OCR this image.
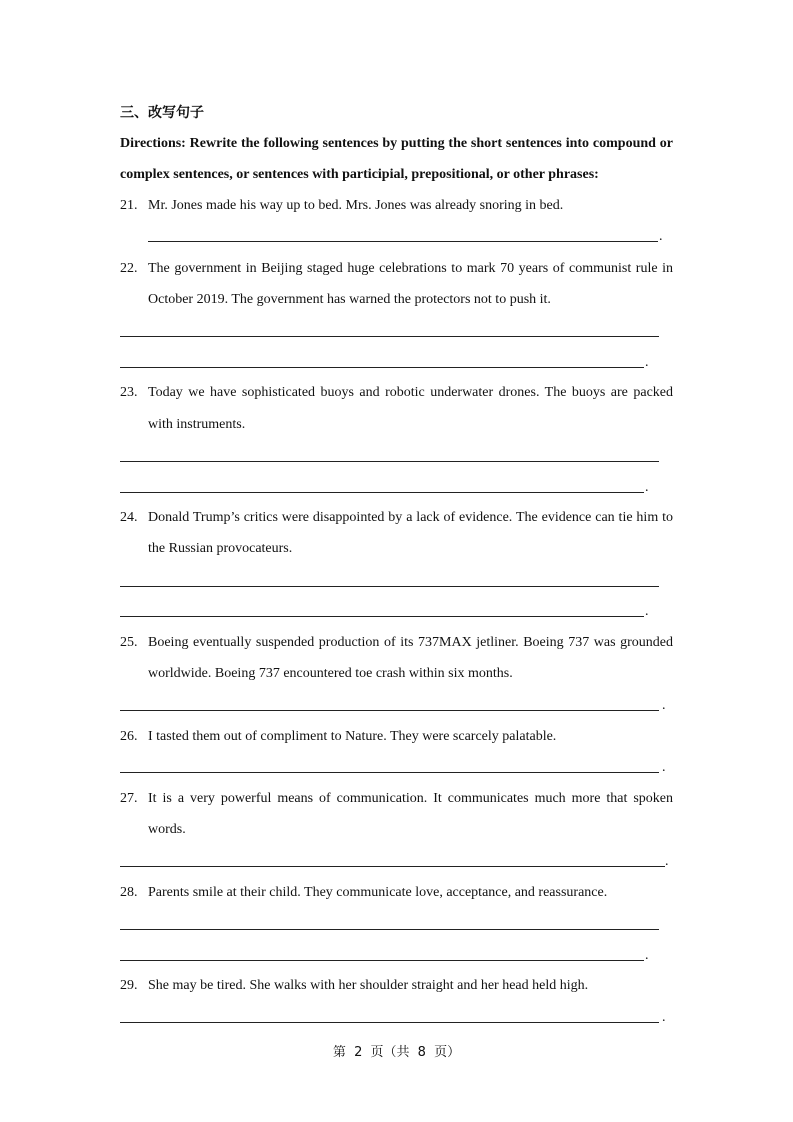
三、改写句子
Directions: Rewrite the following sentences by putting the short sentences into compound or
complex sentences, or sentences with participial, prepositional, or other phrases:
21. Mr. Jones made his way up to bed. Mrs. Jones was already snoring in bed.
.
22. The government in Beijing staged huge celebrations to mark 70 years of communist rule in
October 2019. The government has warned the protectors not to push it.
.
23. Today we have sophisticated buoys and robotic underwater drones. The buoys are packed
with instruments.
.
24. Donald Trump’s critics were disappointed by a lack of evidence. The evidence can tie him to
the Russian provocateurs.
.
25. Boeing eventually suspended production of its 737MAX jetliner. Boeing 737 was grounded
worldwide. Boeing 737 encountered toe crash within six months.
.
26. I tasted them out of compliment to Nature. They were scarcely palatable.
.
27. It is a very powerful means of communication. It communicates much more that spoken
words.
.
28. Parents smile at their child. They communicate love, acceptance, and reassurance.
.
29. She may be tired. She walks with her shoulder straight and her head held high.
.
第 2 页（共 8 页）
